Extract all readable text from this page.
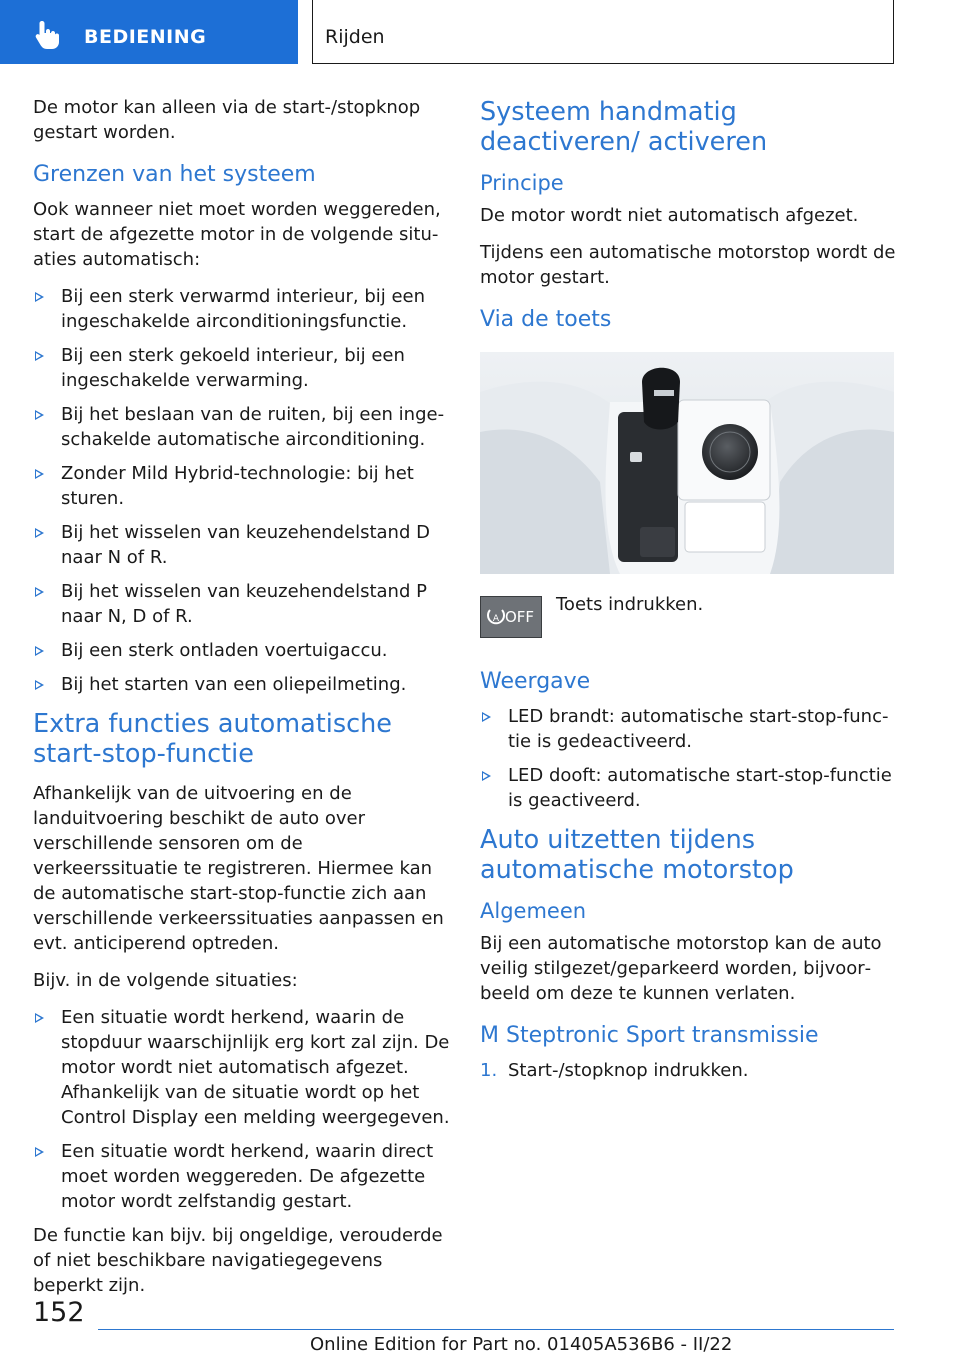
BEDIENING	Rijden

De motor kan alleen via de start-/stopknop gestart worden.

Grenzen van het systeem

Ook wanneer niet moet worden weggereden, start de afgezette motor in de volgende situaties automatisch:

Bij een sterk verwarmd interieur, bij een ingeschakelde airconditioningsfunctie.
Bij een sterk gekoeld interieur, bij een ingeschakelde verwarming.
Bij het beslaan van de ruiten, bij een ingeschakelde automatische airconditioning.
Zonder Mild Hybrid-technologie: bij het sturen.
Bij het wisselen van keuzehendelstand D naar N of R.
Bij het wisselen van keuzehendelstand P naar N, D of R.
Bij een sterk ontladen voertuigaccu.
Bij het starten van een oliepeilmeting.
Extra functies automatische start-stop-functie

Afhankelijk van de uitvoering en de landuitvoering beschikt de auto over verschillende sensoren om de verkeerssituatie te registreren. Hiermee kan de automatische start-stop-functie zich aan verschillende verkeerssituaties aanpassen en evt. anticiperend optreden.

Bijv. in de volgende situaties:

Een situatie wordt herkend, waarin de stopduur waarschijnlijk erg kort zal zijn. De motor wordt niet automatisch afgezet. Afhankelijk van de situatie wordt op het Control Display een melding weergegeven.
Een situatie wordt herkend, waarin direct moet worden weggereden. De afgezette motor wordt zelfstandig gestart.

De functie kan bijv. bij ongeldige, verouderde of niet beschikbare navigatiegegevens beperkt zijn.

Systeem handmatig deactiveren/ activeren
Principe

De motor wordt niet automatisch afgezet.

Tijdens een automatische motorstop wordt de motor gestart.

Via de toets
A OFF
Toets indrukken.
Weergave
LED brandt: automatische start-stop-functie is gedeactiveerd.
LED dooft: automatische start-stop-functie is geactiveerd.
Auto uitzetten tijdens automatische motorstop
Algemeen

Bij een automatische motorstop kan de auto veilig stilgezet/geparkeerd worden, bijvoorbeeld om deze te kunnen verlaten.

M Steptronic Sport transmissie
1. Start-/stopknop indrukken.
152
Online Edition for Part no. 01405A536B6 - II/22
